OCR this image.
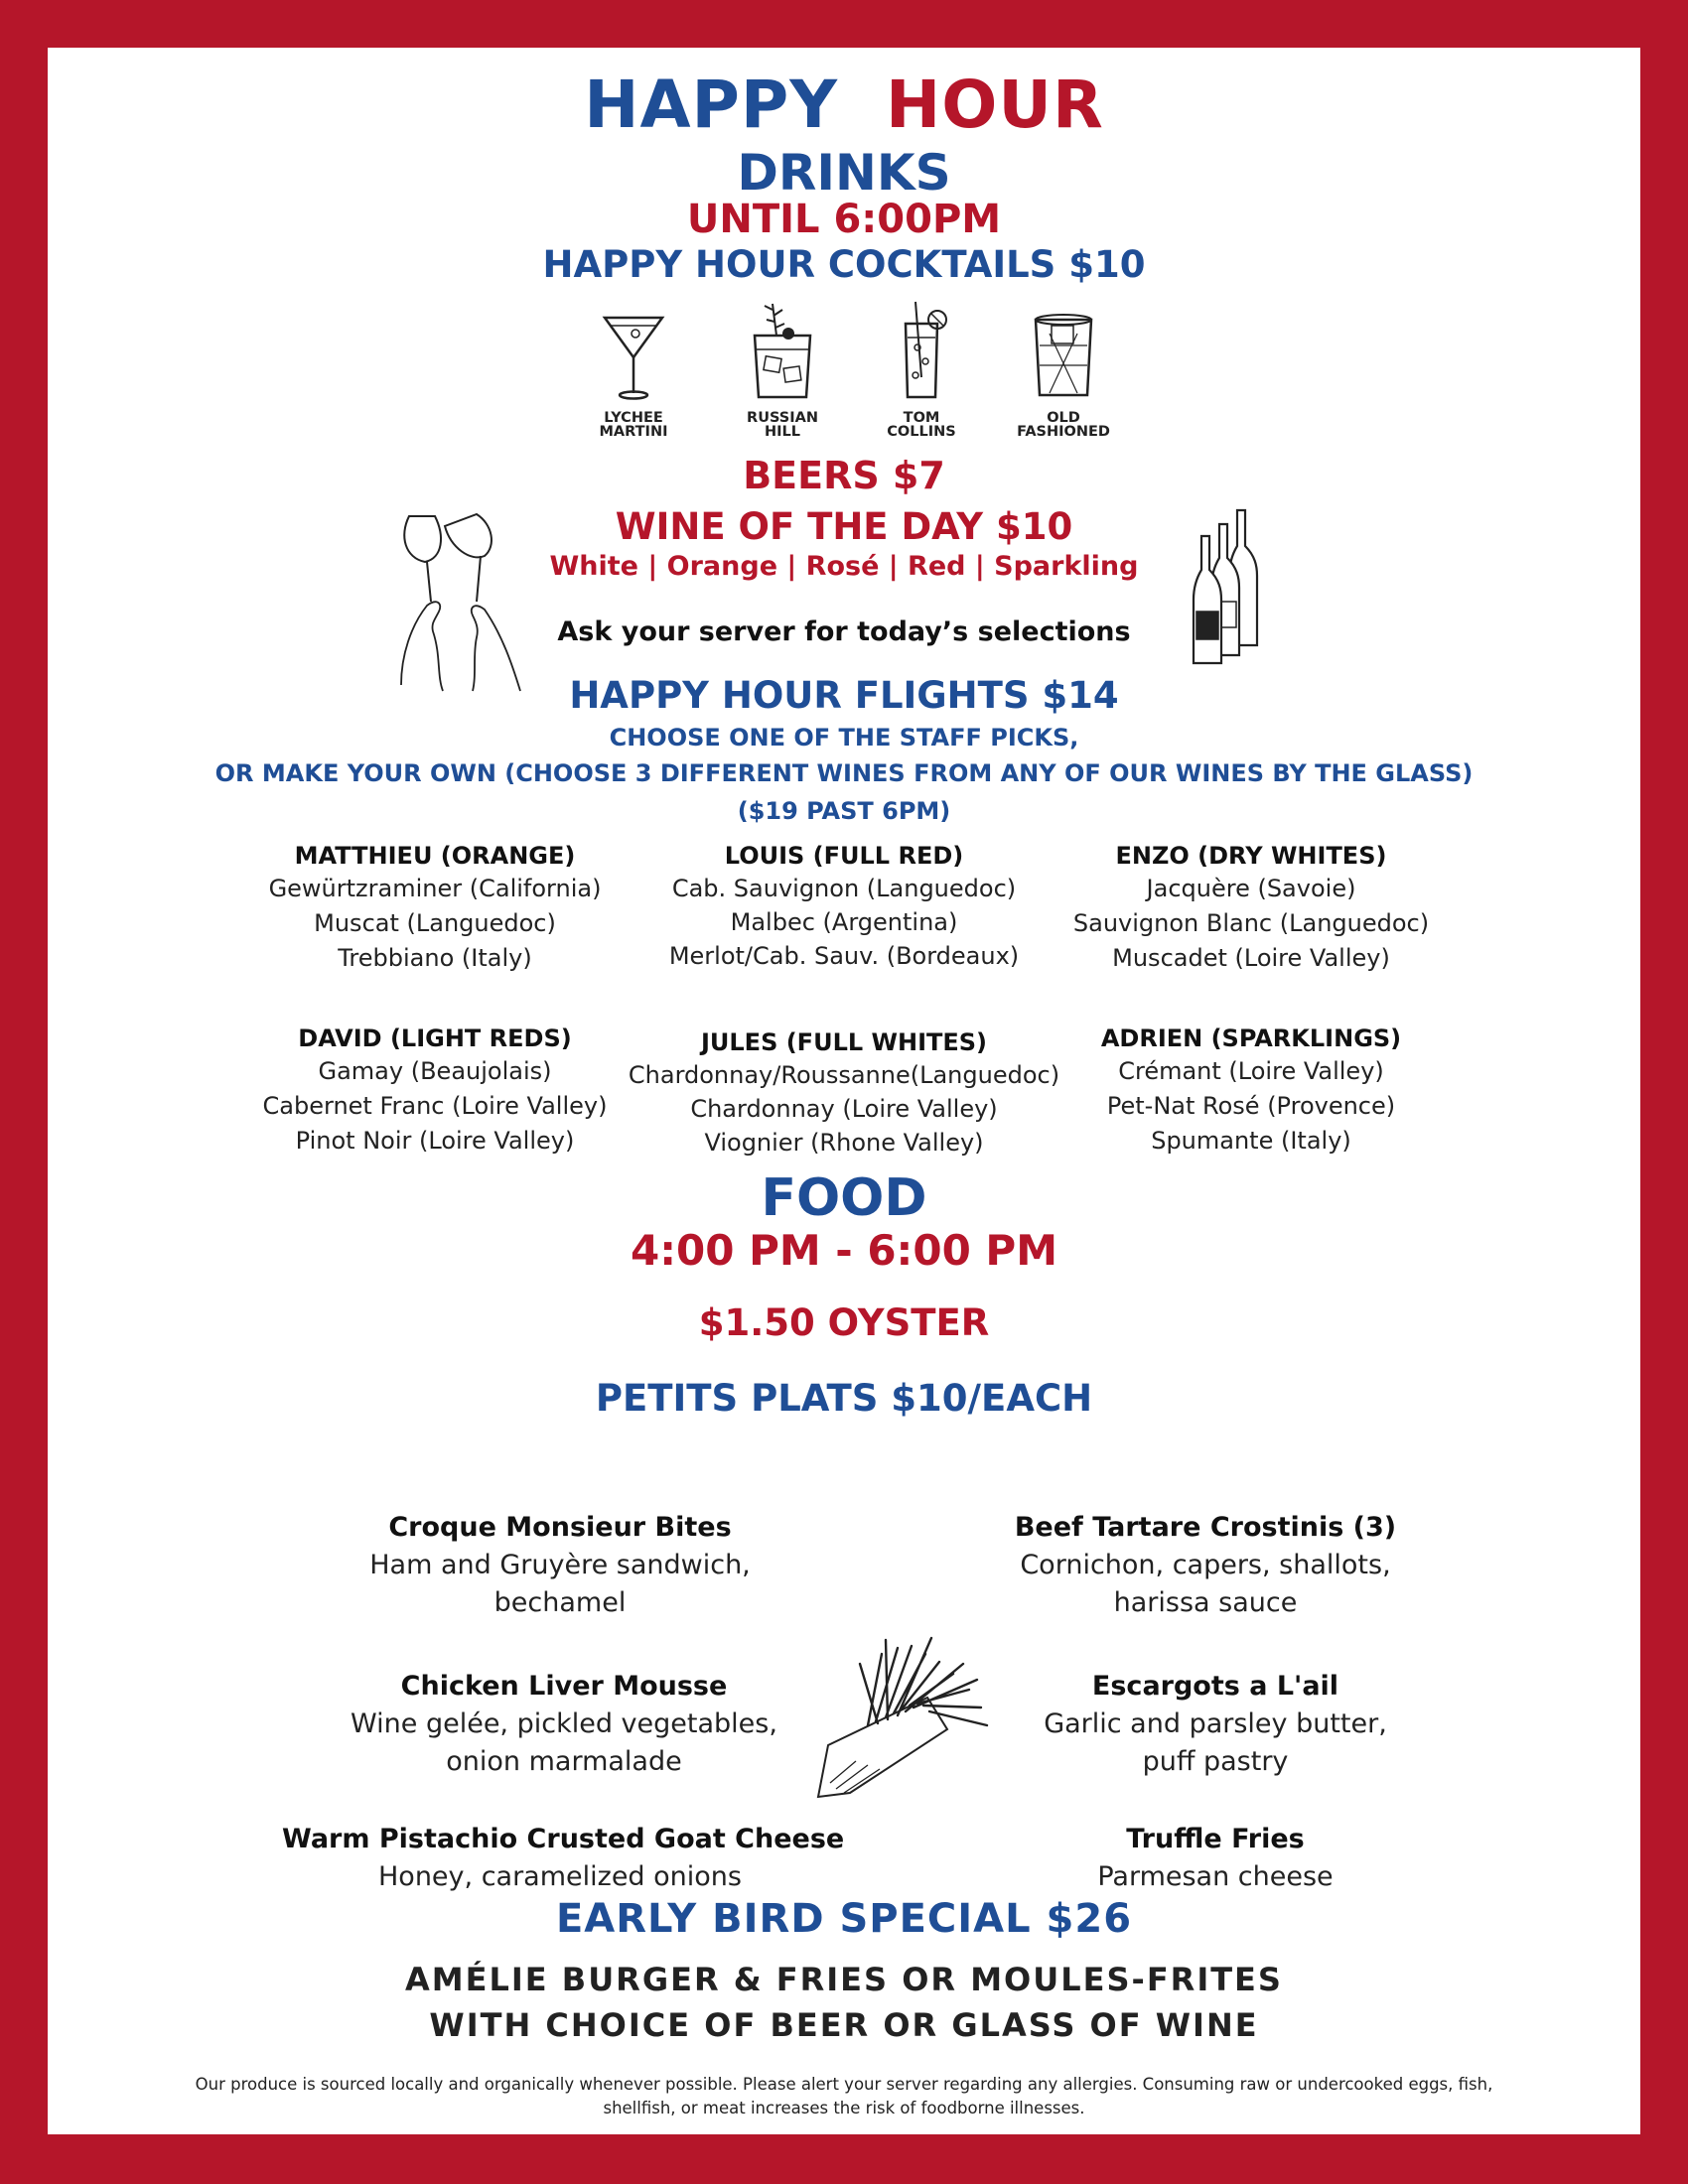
HAPPY HOUR
DRINKS
UNTIL 6:00PM
HAPPY HOUR COCKTAILS $10
LYCHEE
MARTINI
RUSSIAN
HILL
TOM
COLLINS
OLD
FASHIONED
BEERS $7
WINE OF THE DAY $10
White | Orange | Rosé | Red | Sparkling
Ask your server for today’s selections
HAPPY HOUR FLIGHTS $14
CHOOSE ONE OF THE STAFF PICKS,
OR MAKE YOUR OWN (CHOOSE 3 DIFFERENT WINES FROM ANY OF OUR WINES BY THE GLASS)
($19 PAST 6PM)
MATTHIEU (ORANGE)
Gewürtzraminer (California)
Muscat (Languedoc)
Trebbiano (Italy)
LOUIS (FULL RED)
Cab. Sauvignon (Languedoc)
Malbec (Argentina)
Merlot/Cab. Sauv. (Bordeaux)
ENZO (DRY WHITES)
Jacquère (Savoie)
Sauvignon Blanc (Languedoc)
Muscadet (Loire Valley)
DAVID (LIGHT REDS)
Gamay (Beaujolais)
Cabernet Franc (Loire Valley)
Pinot Noir (Loire Valley)
JULES (FULL WHITES)
Chardonnay/Roussanne(Languedoc)
Chardonnay (Loire Valley)
Viognier (Rhone Valley)
ADRIEN (SPARKLINGS)
Crémant (Loire Valley)
Pet-Nat Rosé (Provence)
Spumante (Italy)
FOOD
4:00 PM - 6:00 PM
$1.50 OYSTER
PETITS PLATS $10/EACH
Croque Monsieur Bites
Ham and Gruyère sandwich,
bechamel
Beef Tartare Crostinis (3)
Cornichon, capers, shallots,
harissa sauce
Chicken Liver Mousse
Wine gelée, pickled vegetables,
onion marmalade
Escargots a L'ail
Garlic and parsley butter,
puff pastry
Warm Pistachio Crusted Goat Cheese
Honey, caramelized onions
Truffle Fries
Parmesan cheese
EARLY BIRD SPECIAL $26
AMÉLIE BURGER & FRIES OR MOULES-FRITES
WITH CHOICE OF BEER OR GLASS OF WINE
Our produce is sourced locally and organically whenever possible. Please alert your server regarding any allergies. Consuming raw or undercooked eggs, fish,
shellfish, or meat increases the risk of foodborne illnesses.
